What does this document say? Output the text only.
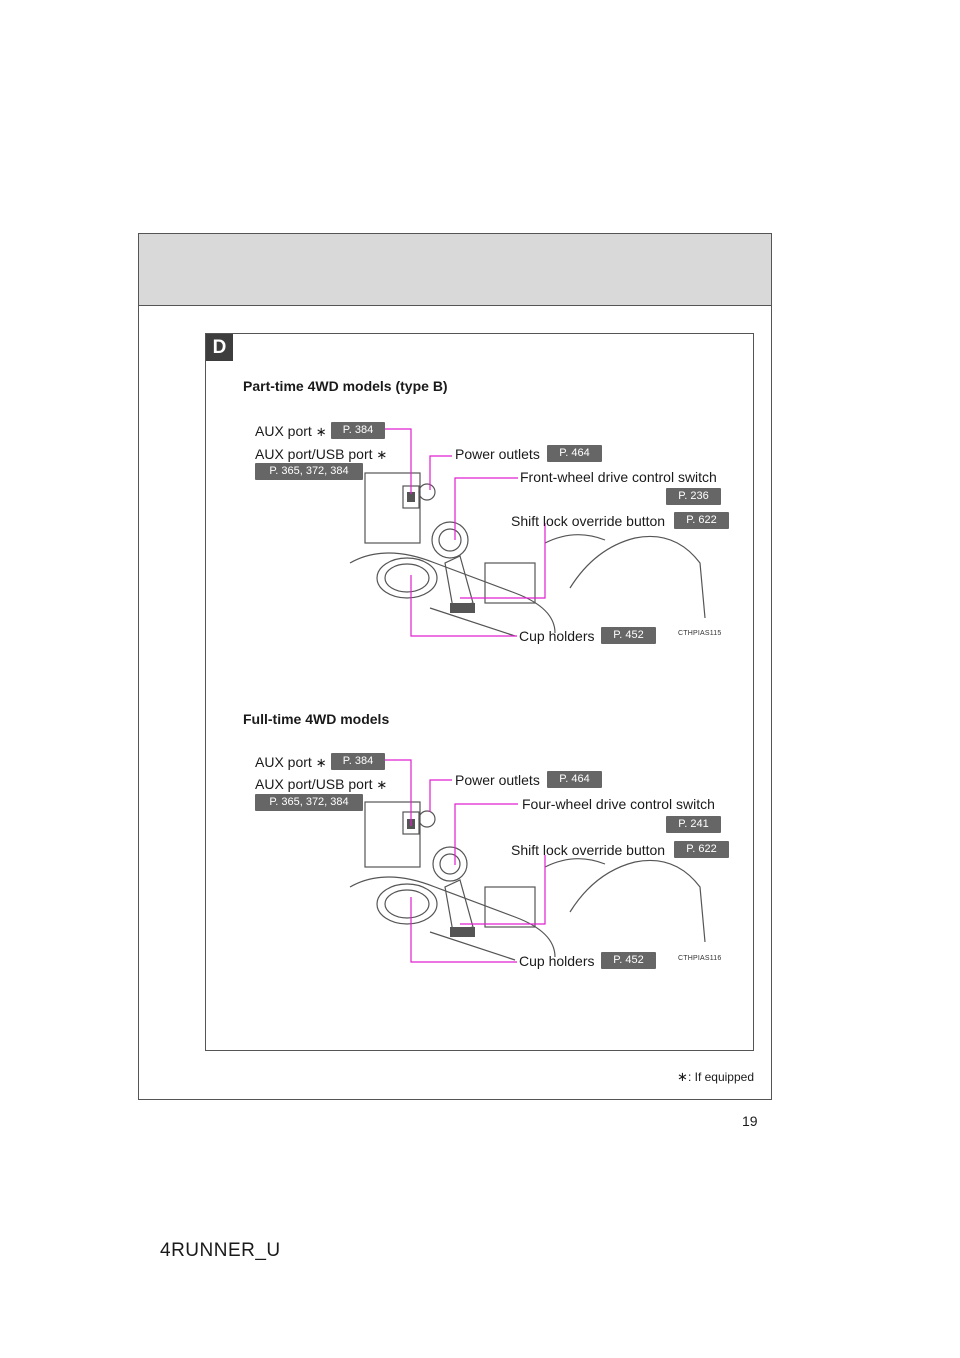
D
Part-time 4WD models (type B)
AUX port ∗	P. 384
AUX port/USB port ∗
P. 365, 372, 384
Power outlets	P. 464
Front-wheel drive control switch
P. 236
Shift lock override button	P. 622
Cup holders	P. 452	CTHPIAS115
Full-time 4WD models
AUX port ∗	P. 384
AUX port/USB port ∗
P. 365, 372, 384
Power outlets	P. 464
Four-wheel drive control switch
P. 241
Shift lock override button	P. 622
Cup holders	P. 452	CTHPIAS116
∗: If equipped
19
4RUNNER_U
